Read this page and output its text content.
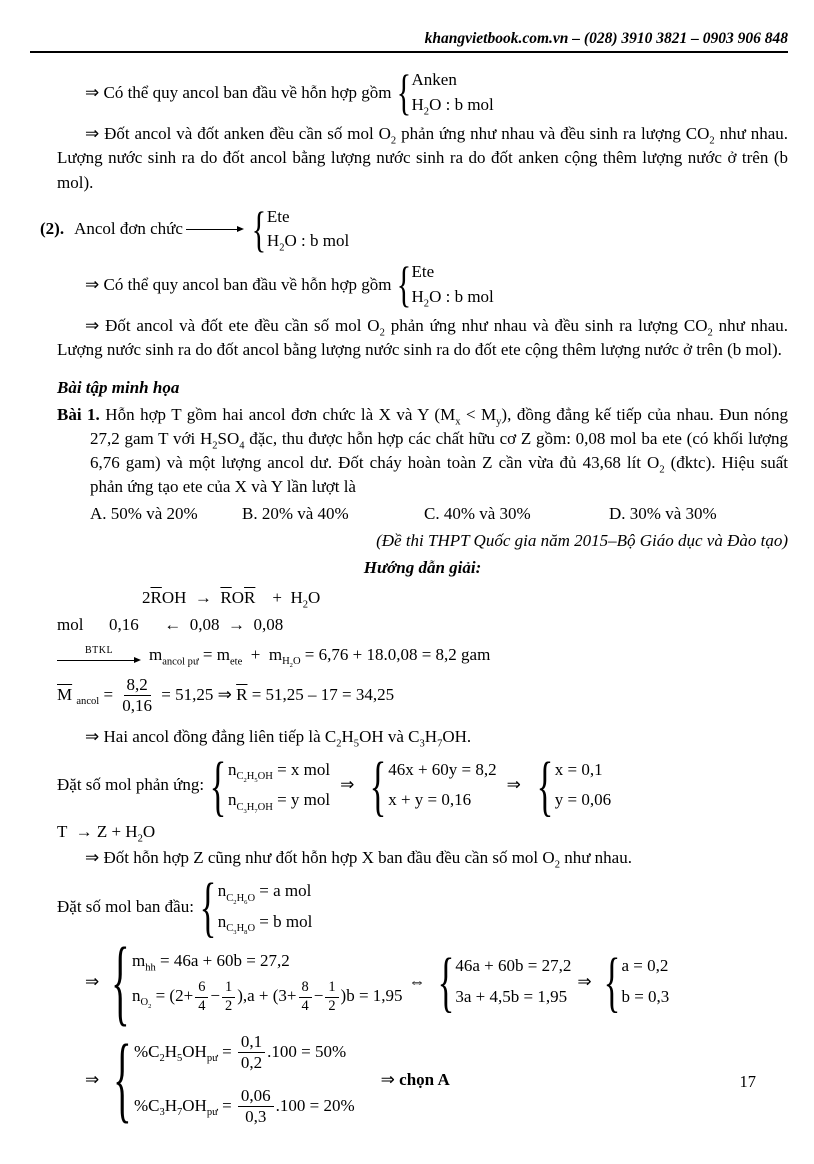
khangvietbook.com.vn – (028) 3910 3821 – 0903 906 848
⇒ Có thể quy ancol ban đầu về hỗn hợp gồm
{
Anken
$H_2O$ : b mol
⇒ Đốt ancol và đốt anken đều cần số mol $O_2$ phản ứng như nhau và đều sinh ra lượng $CO_2$ như nhau. Lượng nước sinh ra do đốt ancol bằng lượng nước sinh ra do đốt anken cộng thêm lượng nước ở trên (b mol).
(2). Ancol đơn chức
{
Ete
$H_2O$ : b mol
⇒ Có thể quy ancol ban đầu về hỗn hợp gồm
{
Ete
$H_2O$ : b mol
⇒ Đốt ancol và đốt ete đều cần số mol $O_2$ phản ứng như nhau và đều sinh ra lượng $CO_2$ như nhau. Lượng nước sinh ra do đốt ancol bằng lượng nước sinh ra do đốt ete cộng thêm lượng nước ở trên (b mol).
Bài tập minh họa
Bài 1. Hỗn hợp T gồm hai ancol đơn chức là X và Y $(M_x < M_y)$, đồng đẳng kế tiếp của nhau. Đun nóng 27,2 gam T với $H_2SO_4$ đặc, thu được hỗn hợp các chất hữu cơ Z gồm: 0,08 mol ba ete (có khối lượng 6,76 gam) và một lượng ancol dư. Đốt cháy hoàn toàn Z cần vừa đủ 43,68 lít $O_2$ (đktc). Hiệu suất phản ứng tạo ete của X và Y lần lượt là
A. 50% và 20%	B. 20% và 40%	C. 40% và 30%	D. 30% và 30%
(Đề thi THPT Quốc gia năm 2015–Bộ Giáo dục và Đào tạo)
Hướng dẫn giải:
$2\overline{R}OH \to \overline{R}O\overline{R}$    +  $H_2O$
mol      0,16      ←  0,08  →  0,08
BTKL $m_{ancol pư} = m_{ete} + m_{H_2O} = 6,76 + 18.0,08 = 8,2$ gam
$\overline{M}$ $_{ancol} = \frac{8,2}{0,16} = 51,25$ ⇒ $\overline{R} = 51,25 - 17 = 34,25$
⇒ Hai ancol đồng đẳng liên tiếp là $C_2H_5OH$ và $C_3H_7OH$.
Đặt số mol phản ứng:
{
$n_{C_2H_5OH} = x$ mol
$n_{C_3H_7OH} = y$ mol
⇒
{
46x + 60y = 8,2
x + y = 0,16
⇒
{
x = 0,1
y = 0,06
$T \to Z + H_2O$
⇒ Đốt hỗn hợp Z cũng như đốt hỗn hợp X ban đầu đều cần số mol $O_2$ như nhau.
Đặt số mol ban đầu:
{
$n_{C_2H_6O} = a$ mol
$n_{C_3H_8O} = b$ mol
⇒
{
$m_{hh} = 46a + 60b = 27,2$
$n_{O_2} = (2+ \frac{6}{4} - \frac{1}{2} ),a + (3+ \frac{8}{4} - \frac{1}{2} )b = 1,95$
⇔
{
46a + 60b = 27,2
3a + 4,5b = 1,95
⇒
{
a = 0,2
b = 0,3
⇒
{
$\%C_2H_5OH_{pư} = \frac{0,1}{0,2} .100 = 50\%$
$\%C_3H_7OH_{pư} = \frac{0,06}{0,3} .100 = 20\%$
⇒ chọn A	17
